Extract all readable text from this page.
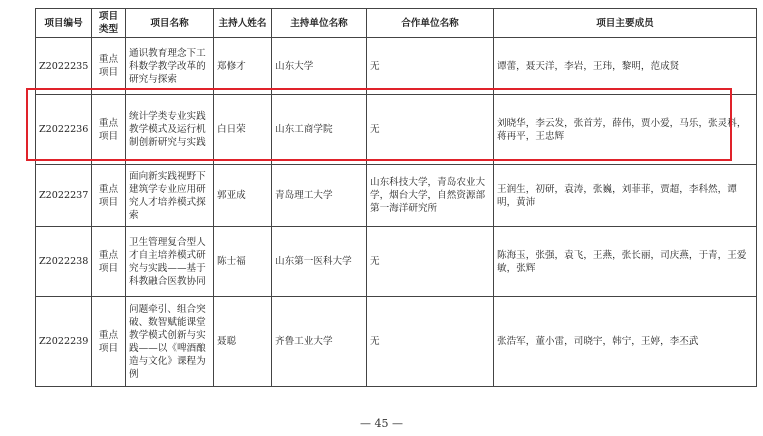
项目编号	项目类型	项目名称	主持人姓名	主持单位名称	合作单位名称	项目主要成员
Z2022235	重点项目	通识教育理念下工科数学教学改革的研究与探索	郑修才	山东大学	无	谭蕾，聂天洋，李岩，王玮，黎明，范成贤
Z2022236	重点项目	统计学类专业实践教学模式及运行机制创新研究与实践	白日荣	山东工商学院	无	刘晓华，李云发，张首芳，薛伟，贾小爱，马乐，张灵科，蒋再平，王忠辉
Z2022237	重点项目	面向新实践视野下建筑学专业应用研究人才培养模式探索	郭亚成	青岛理工大学	山东科技大学，青岛农业大学，烟台大学，自然资源部第一海洋研究所	王润生，初研，袁涛，张巍，刘菲菲，贾超，李科然，谭明，黄沛
Z2022238	重点项目	卫生管理复合型人才自主培养模式研究与实践——基于科教融合医教协同	陈士福	山东第一医科大学	无	陈海玉，张强，袁飞，王燕，张长丽，司庆燕，于青，王爱敏，张辉
Z2022239	重点项目	问题牵引、组合突破、数智赋能课堂教学模式创新与实践——以《啤酒酿造与文化》课程为例	聂聪	齐鲁工业大学	无	张浩军，董小雷，司晓宇，韩宁，王婷，李丕武
— 45 —
